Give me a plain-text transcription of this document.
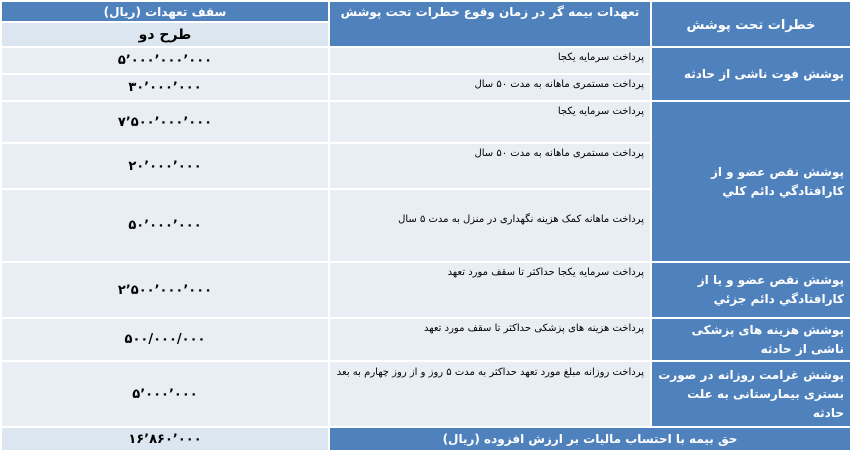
سقف تعهدات (ریال)	تعهدات بیمه گر در زمان وقوع خطرات تحت پوشش	خطرات تحت پوشش
طرح دو		
۵٬۰۰۰٬۰۰۰٬۰۰۰	پرداخت سرمایه یکجا	پوشش فوت ناشی از حادثه
۳۰٬۰۰۰٬۰۰۰	پرداخت مستمری ماهانه به مدت ۵۰ سال	
۷٬۵۰۰٬۰۰۰٬۰۰۰	پرداخت سرمایه یکجا	پوشش نقص عضو و از کارافتادگي دائم کلي
۲۰٬۰۰۰٬۰۰۰	پرداخت مستمری ماهانه به مدت ۵۰ سال	
۵۰٬۰۰۰٬۰۰۰	پرداخت ماهانه کمک هزینه نگهداری در منزل به مدت ۵ سال	
۲٬۵۰۰٬۰۰۰٬۰۰۰	پرداخت سرمایه یکجا حداکثر تا سقف مورد تعهد	پوشش نقص عضو و یا از کارافتادگي دائم جزئي
۵۰۰/۰۰۰/۰۰۰	پرداخت هزینه های پزشکی حداکثر تا سقف مورد تعهد	پوشش هزینه های پزشکی ناشی از حادثه
۵٬۰۰۰٬۰۰۰	پرداخت روزانه مبلغ مورد تعهد حداکثر به مدت ۵ روز و از روز چهارم به بعد	پوشش غرامت روزانه در صورت بستری بیمارستانی به علت حادثه
۱۶٬۸۶۰٬۰۰۰	حق بیمه با احتساب مالیات بر ارزش افزوده (ریال)	
